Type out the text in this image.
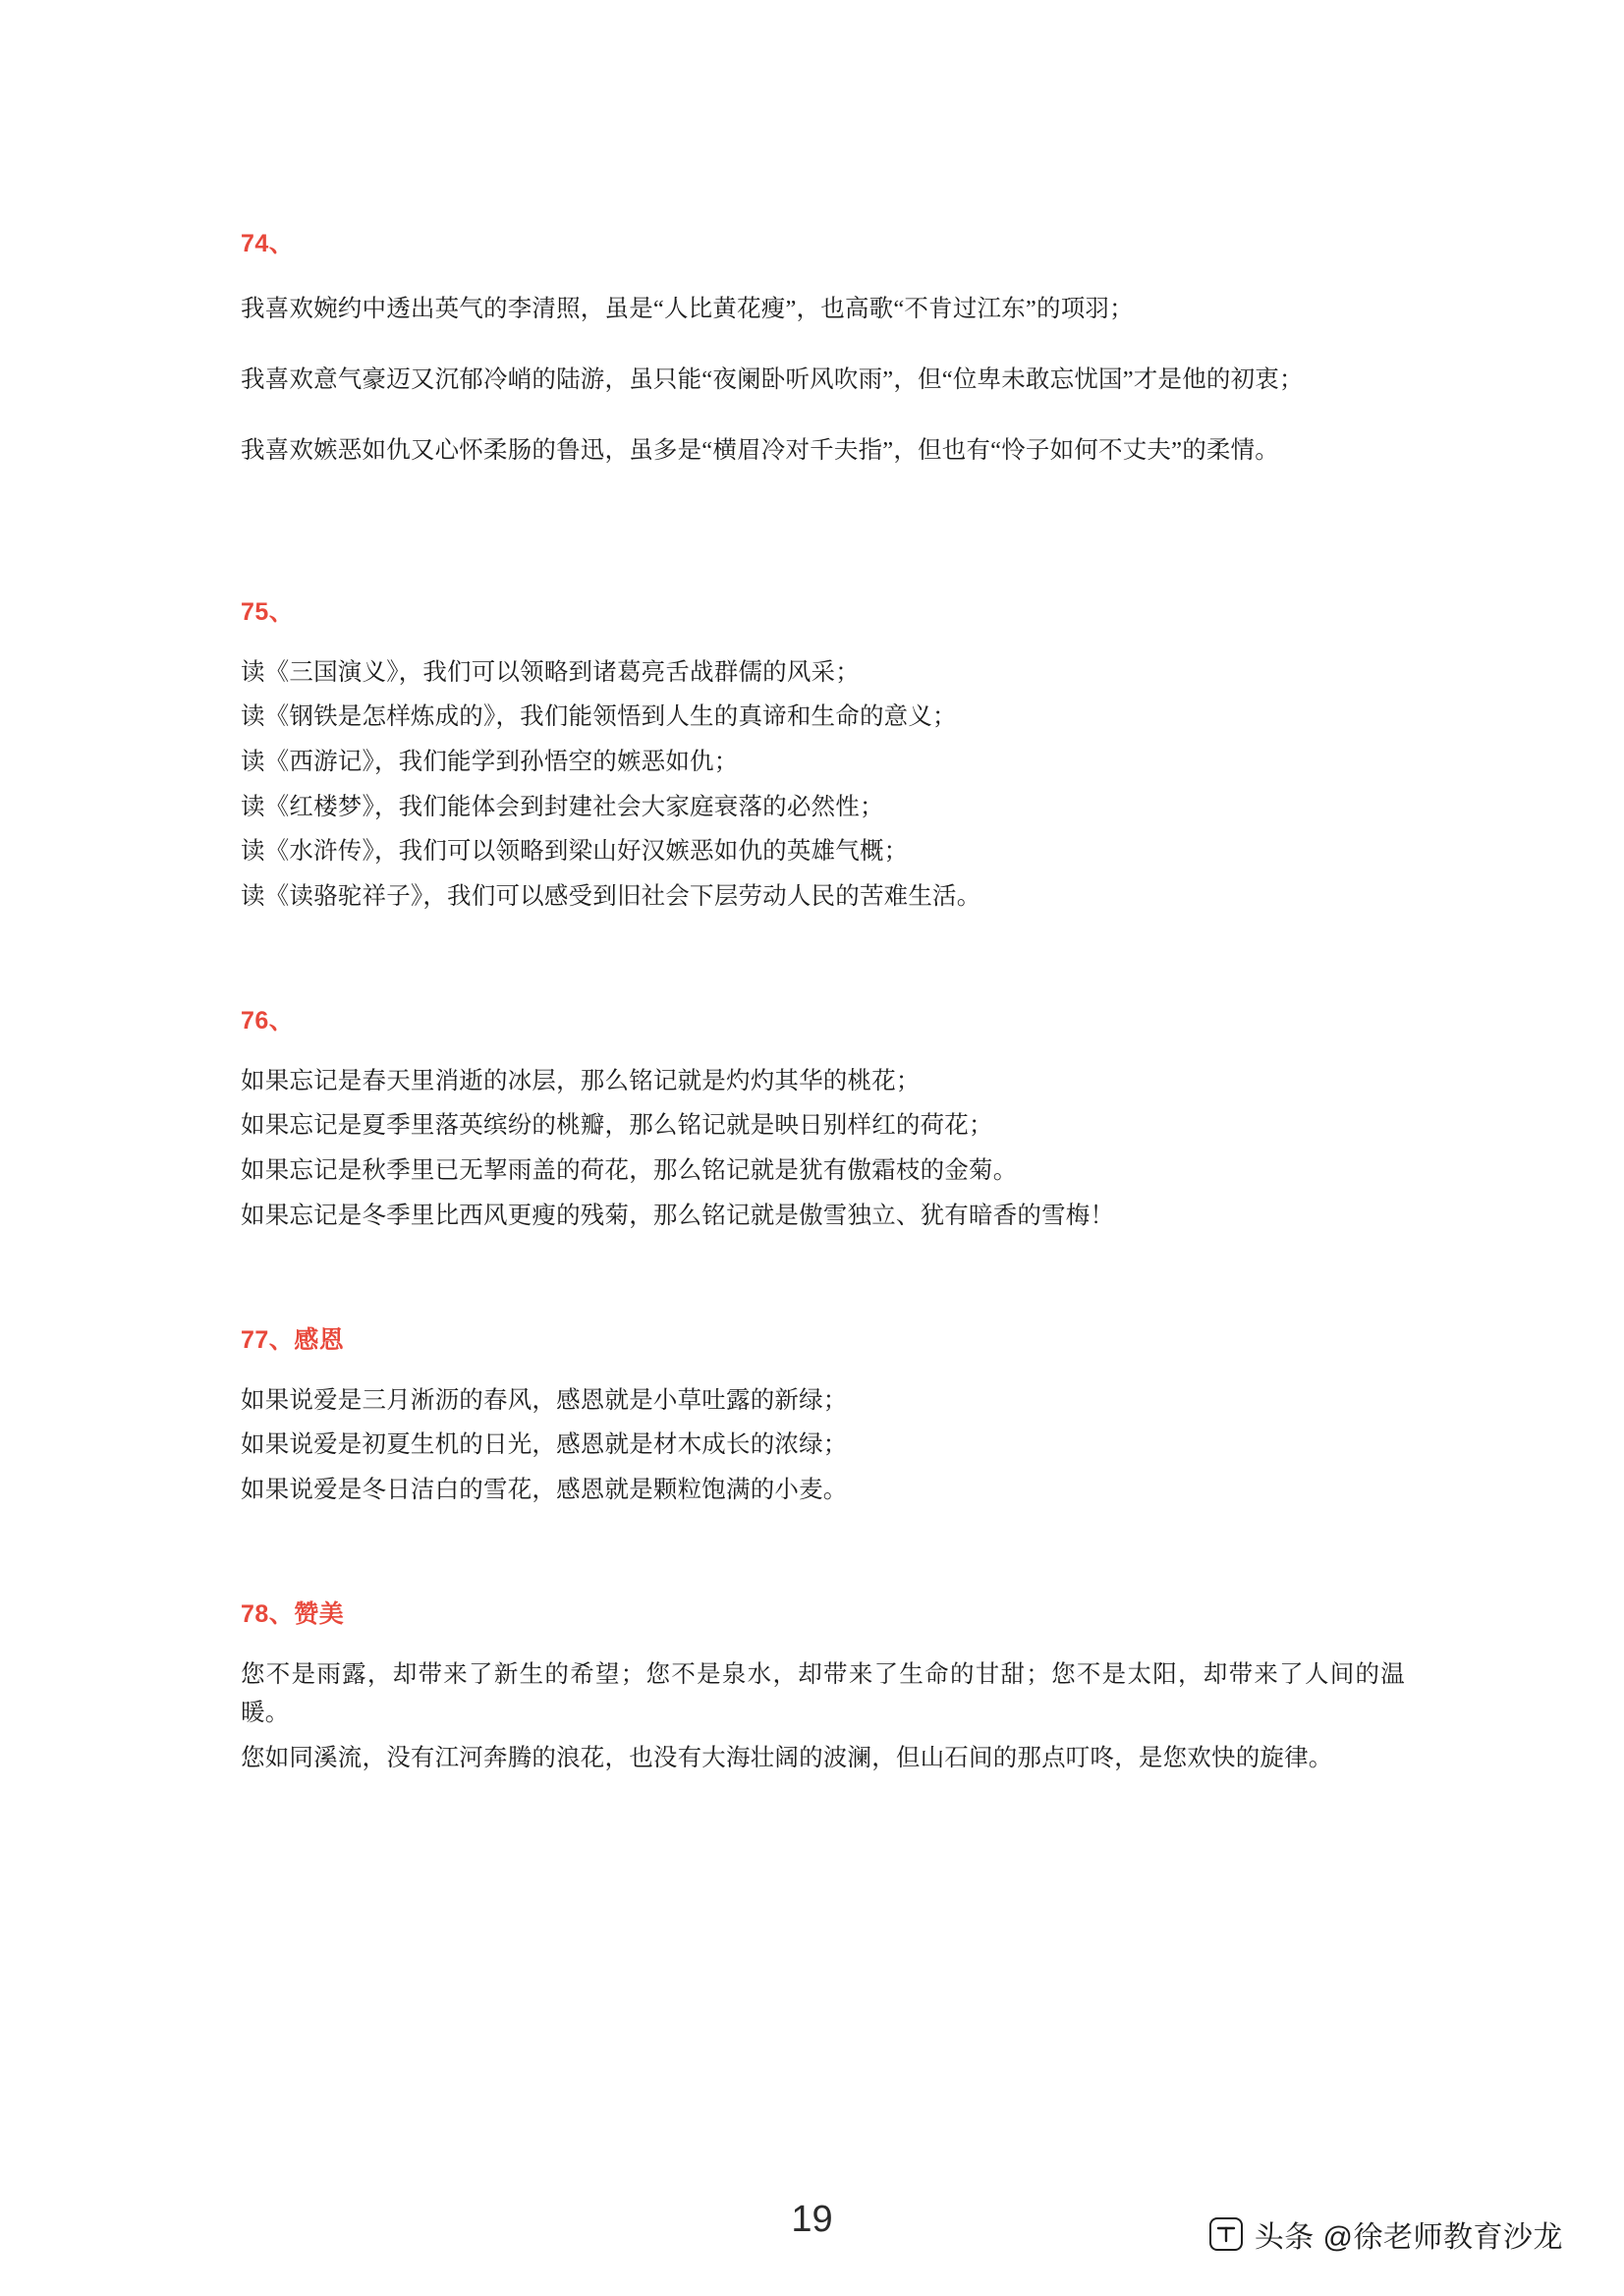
74、

我喜欢婉约中透出英气的李清照，虽是“人比黄花瘦”，也高歌“不肯过江东”的项羽；

我喜欢意气豪迈又沉郁冷峭的陆游，虽只能“夜阑卧听风吹雨”，但“位卑未敢忘忧国”才是他的初衷；

我喜欢嫉恶如仇又心怀柔肠的鲁迅，虽多是“横眉冷对千夫指”，但也有“怜子如何不丈夫”的柔情。

75、

读《三国演义》，我们可以领略到诸葛亮舌战群儒的风采；

读《钢铁是怎样炼成的》，我们能领悟到人生的真谛和生命的意义；

读《西游记》，我们能学到孙悟空的嫉恶如仇；

读《红楼梦》，我们能体会到封建社会大家庭衰落的必然性；

读《水浒传》，我们可以领略到梁山好汉嫉恶如仇的英雄气概；

读《读骆驼祥子》，我们可以感受到旧社会下层劳动人民的苦难生活。

76、

如果忘记是春天里消逝的冰层，那么铭记就是灼灼其华的桃花；

如果忘记是夏季里落英缤纷的桃瓣，那么铭记就是映日别样红的荷花；

如果忘记是秋季里已无挈雨盖的荷花，那么铭记就是犹有傲霜枝的金菊。

如果忘记是冬季里比西风更瘦的残菊，那么铭记就是傲雪独立、犹有暗香的雪梅！

77、感恩

如果说爱是三月淅沥的春风，感恩就是小草吐露的新绿；

如果说爱是初夏生机的日光，感恩就是材木成长的浓绿；

如果说爱是冬日洁白的雪花，感恩就是颗粒饱满的小麦。

78、赞美

您不是雨露，却带来了新生的希望；您不是泉水，却带来了生命的甘甜；您不是太阳，却带来了人间的温暖。

您如同溪流，没有江河奔腾的浪花，也没有大海壮阔的波澜，但山石间的那点叮咚，是您欢快的旋律。

19	头条 @徐老师教育沙龙
